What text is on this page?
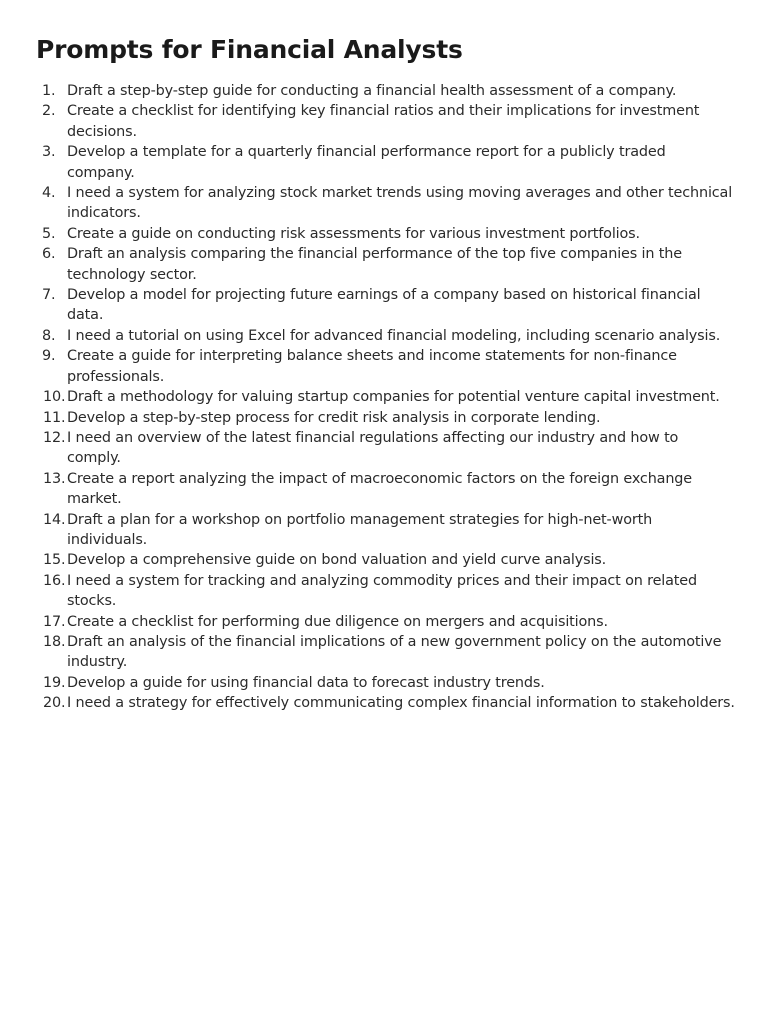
Prompts for Financial Analysts
1. Draft a step-by-step guide for conducting a financial health assessment of a company.
2. Create a checklist for identifying key financial ratios and their implications for investment decisions.
3. Develop a template for a quarterly financial performance report for a publicly traded company.
4. I need a system for analyzing stock market trends using moving averages and other technical indicators.
5. Create a guide on conducting risk assessments for various investment portfolios.
6. Draft an analysis comparing the financial performance of the top five companies in the technology sector.
7. Develop a model for projecting future earnings of a company based on historical financial data.
8. I need a tutorial on using Excel for advanced financial modeling, including scenario analysis.
9. Create a guide for interpreting balance sheets and income statements for non-finance professionals.
10. Draft a methodology for valuing startup companies for potential venture capital investment.
11. Develop a step-by-step process for credit risk analysis in corporate lending.
12. I need an overview of the latest financial regulations affecting our industry and how to comply.
13. Create a report analyzing the impact of macroeconomic factors on the foreign exchange market.
14. Draft a plan for a workshop on portfolio management strategies for high-net-worth individuals.
15. Develop a comprehensive guide on bond valuation and yield curve analysis.
16. I need a system for tracking and analyzing commodity prices and their impact on related stocks.
17. Create a checklist for performing due diligence on mergers and acquisitions.
18. Draft an analysis of the financial implications of a new government policy on the automotive industry.
19. Develop a guide for using financial data to forecast industry trends.
20. I need a strategy for effectively communicating complex financial information to stakeholders.
